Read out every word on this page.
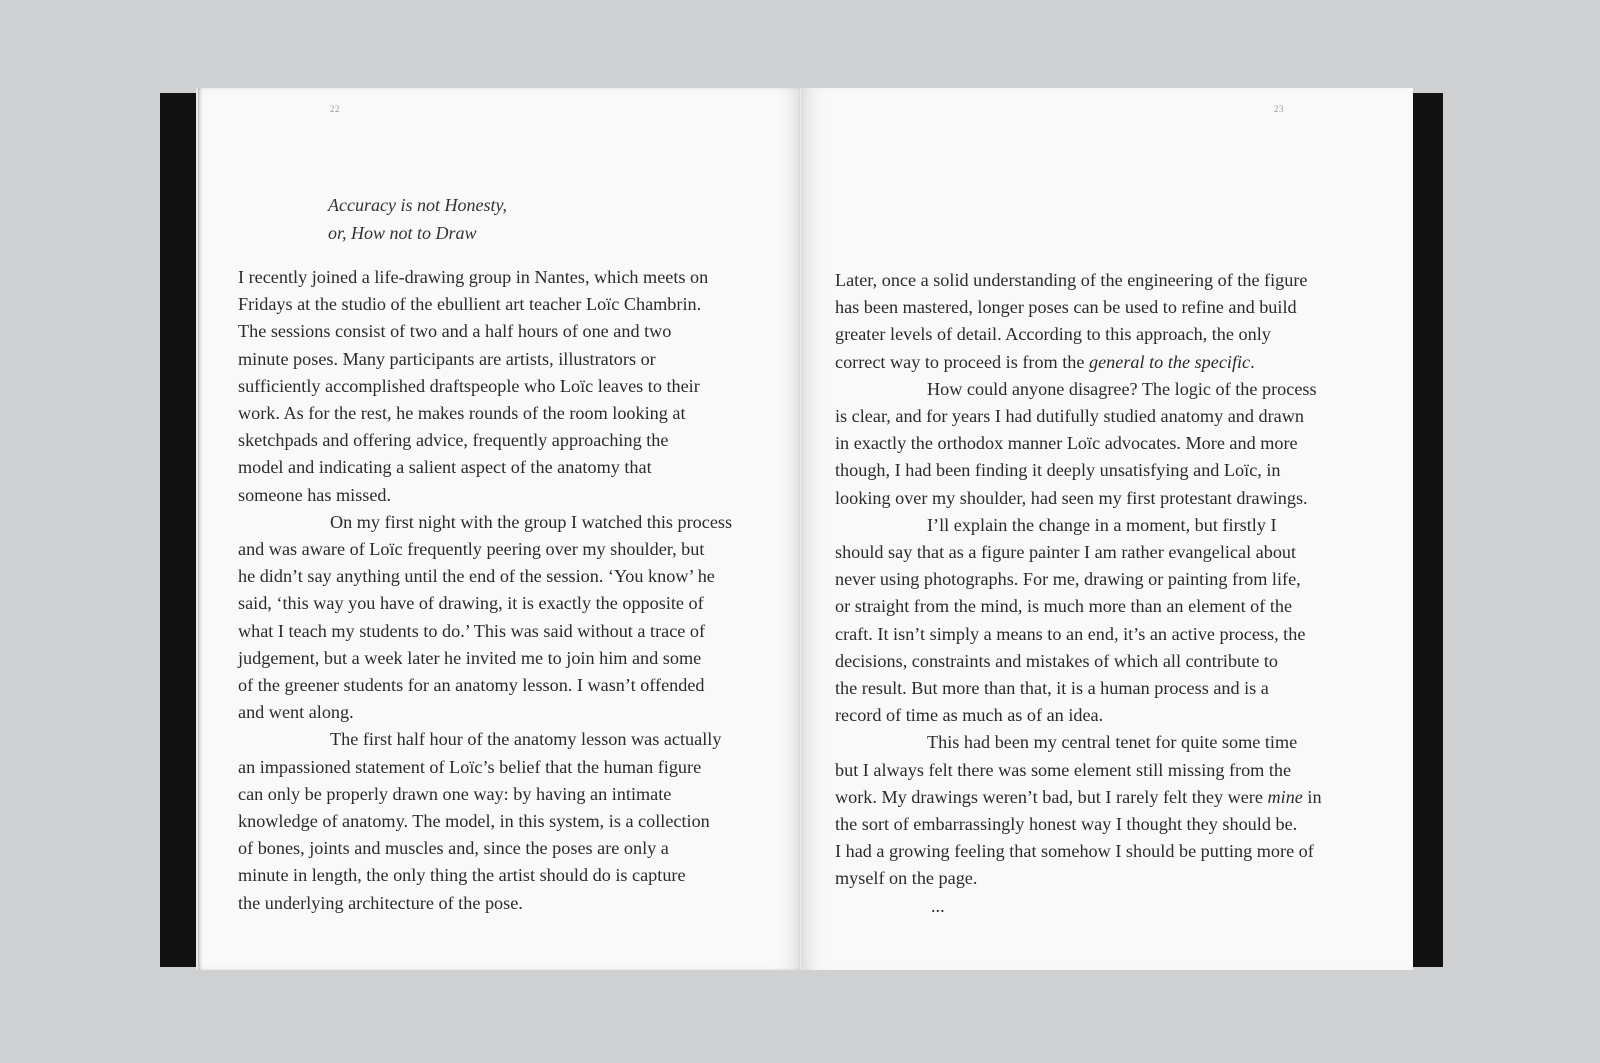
22
Accuracy is not Honesty,
or, How not to Draw
I recently joined a life-drawing group in Nantes, which meets on
Fridays at the studio of the ebullient art teacher Loïc Chambrin.
The sessions consist of two and a half hours of one and two
minute poses. Many participants are artists, illustrators or
sufficiently accomplished draftspeople who Loïc leaves to their
work. As for the rest, he makes rounds of the room looking at
sketchpads and offering advice, frequently approaching the
model and indicating a salient aspect of the anatomy that
someone has missed.
On my first night with the group I watched this process
and was aware of Loïc frequently peering over my shoulder, but
he didn’t say anything until the end of the session. ‘You know’ he
said, ‘this way you have of drawing, it is exactly the opposite of
what I teach my students to do.’ This was said without a trace of
judgement, but a week later he invited me to join him and some
of the greener students for an anatomy lesson. I wasn’t offended
and went along.
The first half hour of the anatomy lesson was actually
an impassioned statement of Loïc’s belief that the human figure
can only be properly drawn one way: by having an intimate
knowledge of anatomy. The model, in this system, is a collection
of bones, joints and muscles and, since the poses are only a
minute in length, the only thing the artist should do is capture
the underlying architecture of the pose.
23
Later, once a solid understanding of the engineering of the figure
has been mastered, longer poses can be used to refine and build
greater levels of detail. According to this approach, the only
correct way to proceed is from the general to the specific.
How could anyone disagree? The logic of the process
is clear, and for years I had dutifully studied anatomy and drawn
in exactly the orthodox manner Loïc advocates. More and more
though, I had been finding it deeply unsatisfying and Loïc, in
looking over my shoulder, had seen my first protestant drawings.
I’ll explain the change in a moment, but firstly I
should say that as a figure painter I am rather evangelical about
never using photographs. For me, drawing or painting from life,
or straight from the mind, is much more than an element of the
craft. It isn’t simply a means to an end, it’s an active process, the
decisions, constraints and mistakes of which all contribute to
the result. But more than that, it is a human process and is a
record of time as much as of an idea.
This had been my central tenet for quite some time
but I always felt there was some element still missing from the
work. My drawings weren’t bad, but I rarely felt they were mine in
the sort of embarrassingly honest way I thought they should be.
I had a growing feeling that somehow I should be putting more of
myself on the page.
...
